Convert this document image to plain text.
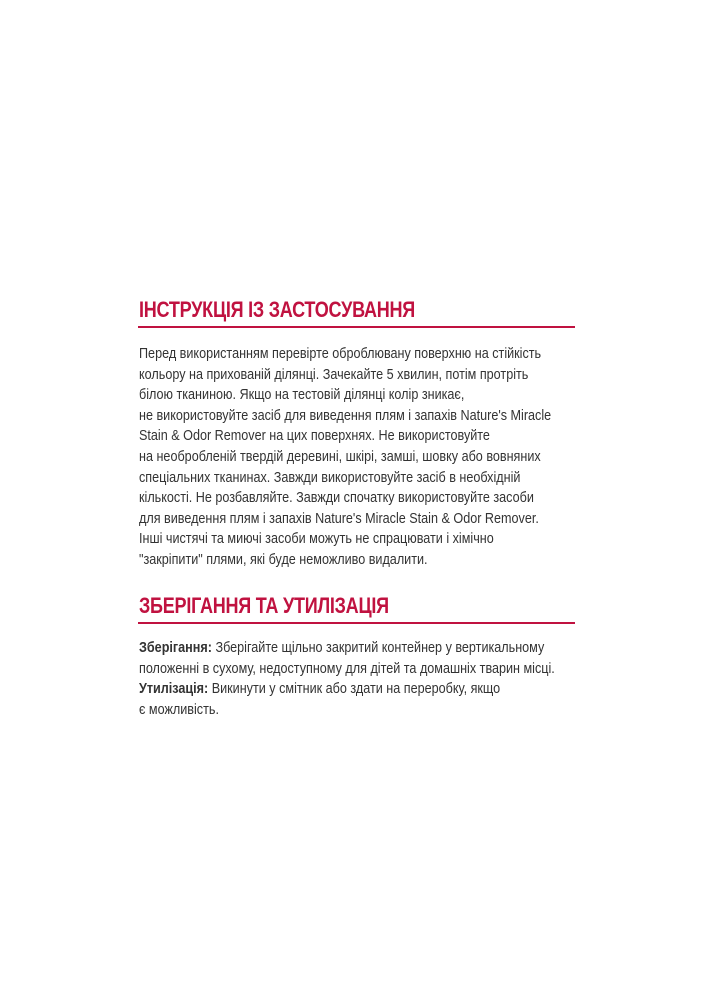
ІНСТРУКЦІЯ ІЗ ЗАСТОСУВАННЯ

Перед використанням перевірте оброблювану поверхню на стійкість
кольору на прихованій ділянці. Зачекайте 5 хвилин, потім протріть
білою тканиною. Якщо на тестовій ділянці колір зникає,
не використовуйте засіб для виведення плям і запахів Nature's Miracle
Stain & Odor Remover на цих поверхнях. Не використовуйте
на необробленій твердій деревині, шкірі, замші, шовку або вовняних
спеціальних тканинах. Завжди використовуйте засіб в необхідній
кількості. Не розбавляйте. Завжди спочатку використовуйте засоби
для виведення плям і запахів Nature's Miracle Stain & Odor Remover.
Інші чистячі та миючі засоби можуть не спрацювати і хімічно
"закріпити" плями, які буде неможливо видалити.

ЗБЕРІГАННЯ ТА УТИЛІЗАЦІЯ

Зберігання: Зберігайте щільно закритий контейнер у вертикальному
положенні в сухому, недоступному для дітей та домашніх тварин місці.
Утилізація: Викинути у смітник або здати на переробку, якщо
є можливість.
